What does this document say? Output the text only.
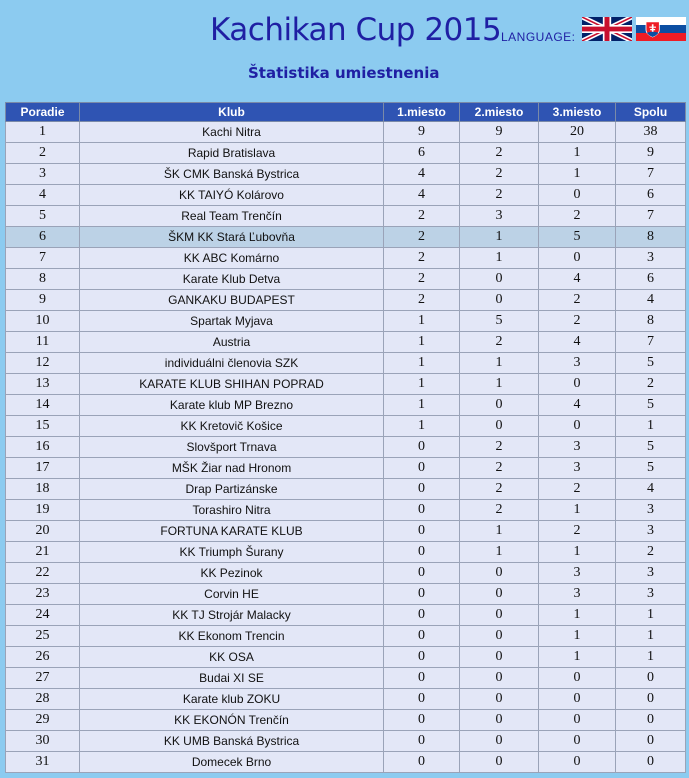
Kachikan Cup 2015 LANGUAGE:
Štatistika umiestnenia
Poradie	Klub	1.miesto	2.miesto	3.miesto	Spolu
1	Kachi Nitra	9	9	20	38
2	Rapid Bratislava	6	2	1	9
3	ŠK CMK Banská Bystrica	4	2	1	7
4	KK TAIYÓ Kolárovo	4	2	0	6
5	Real Team Trenčín	2	3	2	7
6	ŠKM KK Stará Ľubovňa	2	1	5	8
7	KK ABC Komárno	2	1	0	3
8	Karate Klub Detva	2	0	4	6
9	GANKAKU BUDAPEST	2	0	2	4
10	Spartak Myjava	1	5	2	8
11	Austria	1	2	4	7
12	individuálni členovia SZK	1	1	3	5
13	KARATE KLUB SHIHAN POPRAD	1	1	0	2
14	Karate klub MP Brezno	1	0	4	5
15	KK Kretovič Košice	1	0	0	1
16	Slovšport Trnava	0	2	3	5
17	MŠK Žiar nad Hronom	0	2	3	5
18	Drap Partizánske	0	2	2	4
19	Torashiro Nitra	0	2	1	3
20	FORTUNA KARATE KLUB	0	1	2	3
21	KK Triumph Šurany	0	1	1	2
22	KK Pezinok	0	0	3	3
23	Corvin HE	0	0	3	3
24	KK TJ Strojár Malacky	0	0	1	1
25	KK Ekonom Trencin	0	0	1	1
26	KK OSA	0	0	1	1
27	Budai XI SE	0	0	0	0
28	Karate klub ZOKU	0	0	0	0
29	KK EKONÓN Trenčín	0	0	0	0
30	KK UMB Banská Bystrica	0	0	0	0
31	Domecek Brno	0	0	0	0
